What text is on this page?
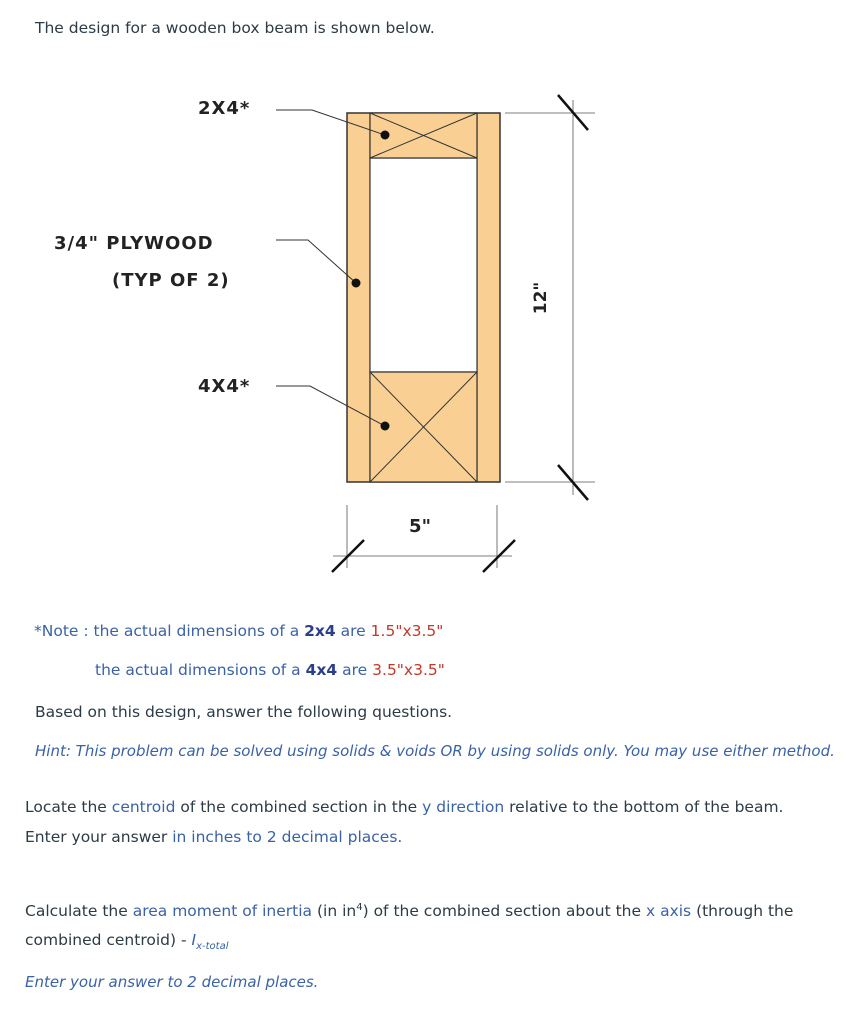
The design for a wooden box beam is shown below.
12"
5"
2X4*
3/4" PLYWOOD
(TYP OF 2)
4X4*
*Note : the actual dimensions of a 2x4 are 1.5"x3.5"
the actual dimensions of a 4x4 are 3.5"x3.5"
Based on this design, answer the following questions.
Hint: This problem can be solved using solids & voids OR by using solids only. You may use either method.
Locate the centroid of the combined section in the y direction relative to the bottom of the beam.
Enter your answer in inches to 2 decimal places.
Calculate the area moment of inertia (in $in^4$) of the combined section about the x axis (through the
combined centroid) - $I_{x-total}$
Enter your answer to 2 decimal places.
